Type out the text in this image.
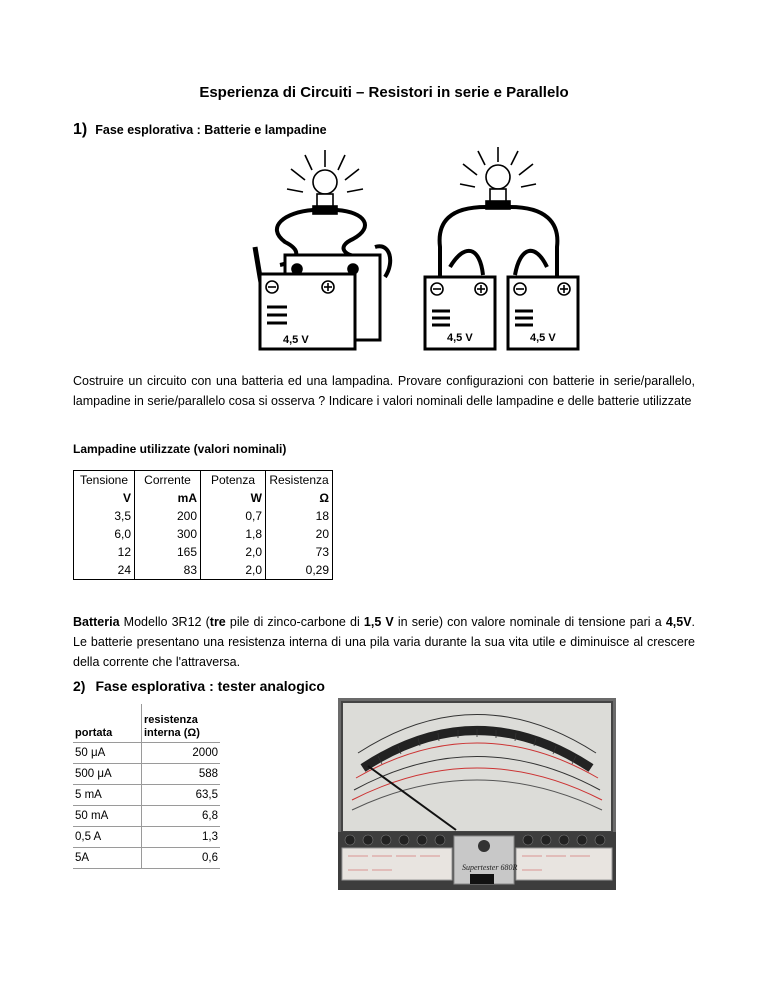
Esperienza di Circuiti – Resistori in serie e Parallelo
1) Fase esplorativa : Batterie e lampadine
4,5 V	4,5 V	4,5 V
Costruire un circuito con una batteria ed una lampadina. Provare configurazioni con batterie in serie/parallelo, lampadine in serie/parallelo cosa si osserva ? Indicare i valori nominali delle lampadine e delle batterie utilizzate
Lampadine utilizzate (valori nominali)
Tensione	Corrente	Potenza	Resistenza
V	mA	W	Ω
3,5	200	0,7	18
6,0	300	1,8	20
12	165	2,0	73
24	83	2,0	0,29
Batteria Modello 3R12 (tre pile di zinco-carbone di 1,5 V in serie) con valore nominale di tensione pari a 4,5V. Le batterie presentano una resistenza interna di una pila varia durante la sua vita utile e diminuisce al crescere della corrente che l'attraversa.
2) Fase esplorativa : tester analogico
portata	resistenza interna (Ω)
50 μA	2000
500 μA	588
5 mA	63,5
50 mA	6,8
0,5 A	1,3
5A	0,6
Supertester 680R
